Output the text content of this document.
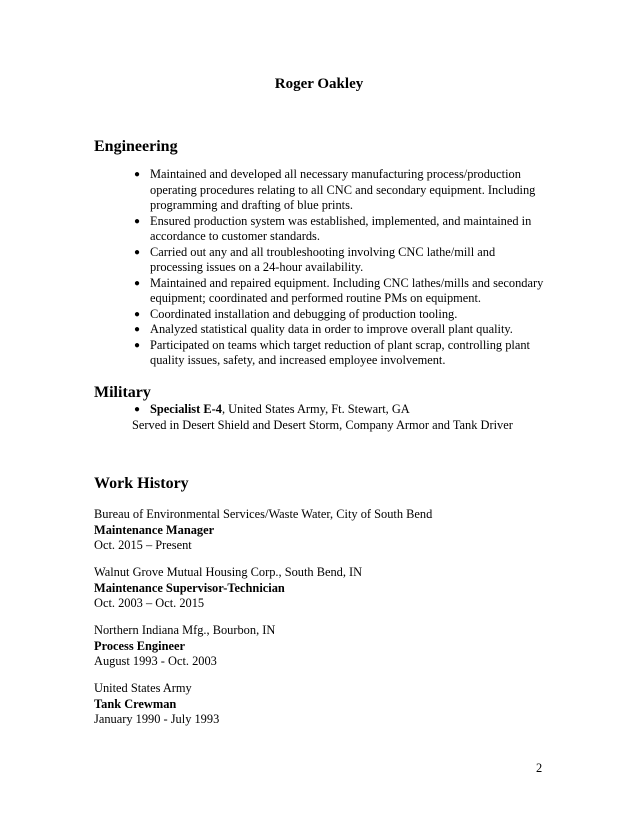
Roger Oakley
Engineering
● Maintained and developed all necessary manufacturing process/production operating procedures relating to all CNC and secondary equipment. Including programming and drafting of blue prints.
● Ensured production system was established, implemented, and maintained in accordance to customer standards.
● Carried out any and all troubleshooting involving CNC lathe/mill and processing issues on a 24-hour availability.
● Maintained and repaired equipment. Including CNC lathes/mills and secondary equipment; coordinated and performed routine PMs on equipment.
● Coordinated installation and debugging of production tooling.
● Analyzed statistical quality data in order to improve overall plant quality.
● Participated on teams which target reduction of plant scrap, controlling plant quality issues, safety, and increased employee involvement.
Military
● Specialist E-4, United States Army, Ft. Stewart, GA
Served in Desert Shield and Desert Storm, Company Armor and Tank Driver
Work History
Bureau of Environmental Services/Waste Water, City of South Bend
Maintenance Manager
Oct. 2015 – Present
Walnut Grove Mutual Housing Corp., South Bend, IN
Maintenance Supervisor-Technician
Oct. 2003 – Oct. 2015
Northern Indiana Mfg., Bourbon, IN
Process Engineer
August 1993 - Oct. 2003
United States Army
Tank Crewman
January 1990 - July 1993
2
